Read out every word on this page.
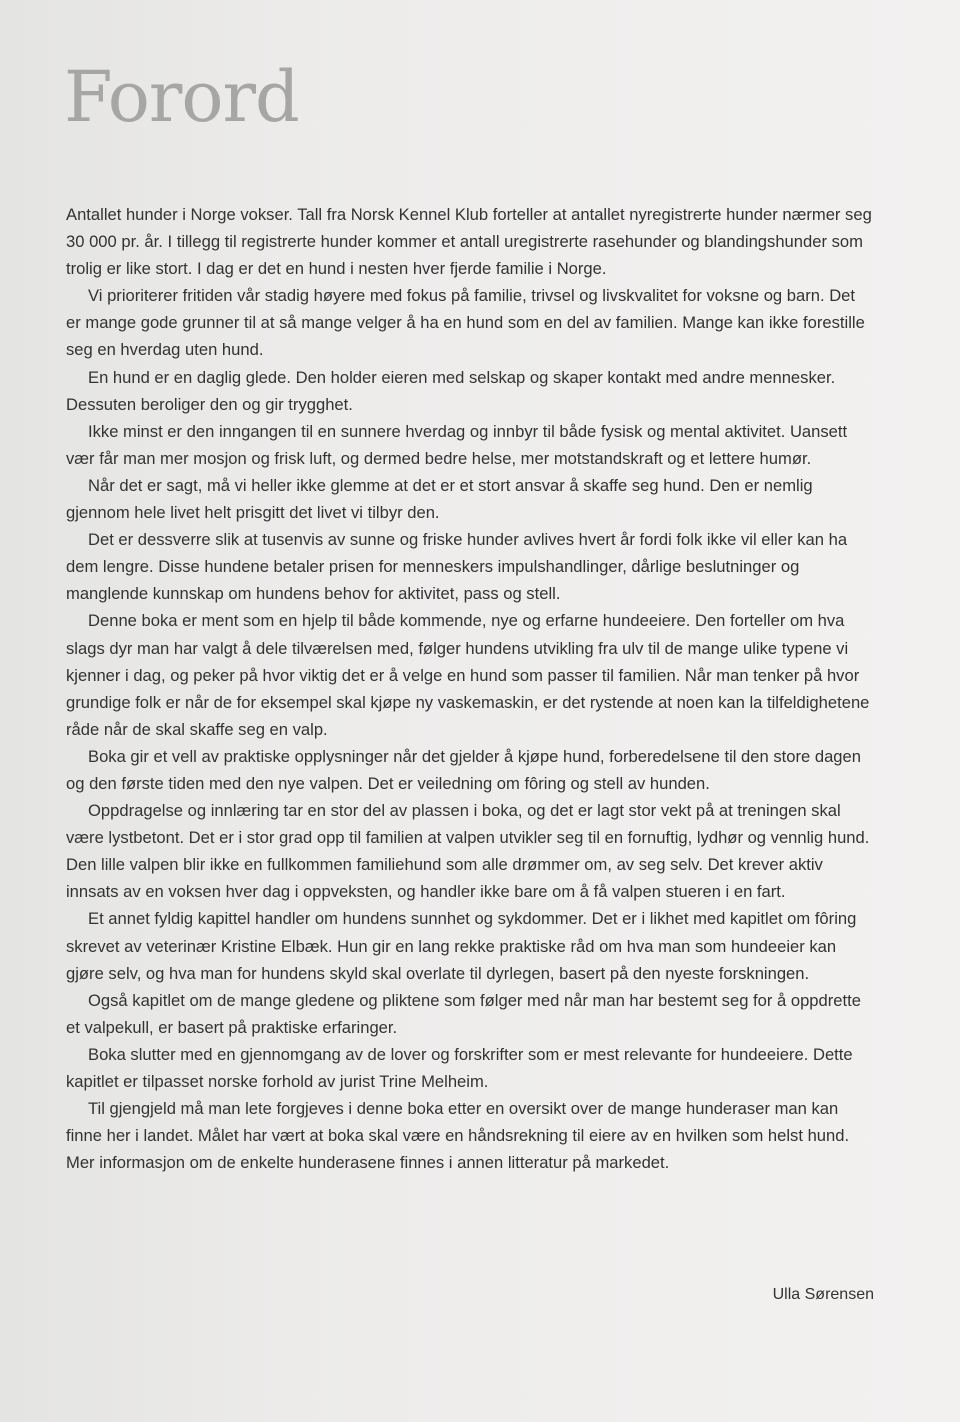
Forord

Antallet hunder i Norge vokser. Tall fra Norsk Kennel Klub forteller at antallet nyregistrerte hunder nærmer seg 30 000 pr. år. I tillegg til registrerte hunder kommer et antall uregistrerte rasehunder og blandingshunder som trolig er like stort. I dag er det en hund i nesten hver fjerde familie i Norge.

Vi prioriterer fritiden vår stadig høyere med fokus på familie, trivsel og livskvalitet for voksne og barn. Det er mange gode grunner til at så mange velger å ha en hund som en del av familien. Mange kan ikke forestille seg en hverdag uten hund.

En hund er en daglig glede. Den holder eieren med selskap og skaper kontakt med andre mennesker. Dessuten beroliger den og gir trygghet.

Ikke minst er den inngangen til en sunnere hverdag og innbyr til både fysisk og mental aktivitet. Uansett vær får man mer mosjon og frisk luft, og dermed bedre helse, mer motstandskraft og et lettere humør.

Når det er sagt, må vi heller ikke glemme at det er et stort ansvar å skaffe seg hund. Den er nemlig gjennom hele livet helt prisgitt det livet vi tilbyr den.

Det er dessverre slik at tusenvis av sunne og friske hunder avlives hvert år fordi folk ikke vil eller kan ha dem lengre. Disse hundene betaler prisen for menneskers impulshandlinger, dårlige beslutninger og manglende kunnskap om hundens behov for aktivitet, pass og stell.

Denne boka er ment som en hjelp til både kommende, nye og erfarne hundeeiere. Den forteller om hva slags dyr man har valgt å dele tilværelsen med, følger hundens utvikling fra ulv til de mange ulike typene vi kjenner i dag, og peker på hvor viktig det er å velge en hund som passer til familien. Når man tenker på hvor grundige folk er når de for eksempel skal kjøpe ny vaskemaskin, er det rystende at noen kan la tilfeldighetene råde når de skal skaffe seg en valp.

Boka gir et vell av praktiske opplysninger når det gjelder å kjøpe hund, forberedelsene til den store dagen og den første tiden med den nye valpen. Det er veiledning om fôring og stell av hunden.

Oppdragelse og innlæring tar en stor del av plassen i boka, og det er lagt stor vekt på at treningen skal være lystbetont. Det er i stor grad opp til familien at valpen utvikler seg til en fornuftig, lydhør og vennlig hund. Den lille valpen blir ikke en fullkommen familiehund som alle drømmer om, av seg selv. Det krever aktiv innsats av en voksen hver dag i oppveksten, og handler ikke bare om å få valpen stueren i en fart.

Et annet fyldig kapittel handler om hundens sunnhet og sykdommer. Det er i likhet med kapitlet om fôring skrevet av veterinær Kristine Elbæk. Hun gir en lang rekke praktiske råd om hva man som hundeeier kan gjøre selv, og hva man for hundens skyld skal overlate til dyrlegen, basert på den nyeste forskningen.

Også kapitlet om de mange gledene og pliktene som følger med når man har bestemt seg for å oppdrette et valpekull, er basert på praktiske erfaringer.

Boka slutter med en gjennomgang av de lover og forskrifter som er mest relevante for hundeeiere. Dette kapitlet er tilpasset norske forhold av jurist Trine Melheim.

Til gjengjeld må man lete forgjeves i denne boka etter en oversikt over de mange hunderaser man kan finne her i landet. Målet har vært at boka skal være en håndsrekning til eiere av en hvilken som helst hund. Mer informasjon om de enkelte hunderasene finnes i annen litteratur på markedet.

Ulla Sørensen
